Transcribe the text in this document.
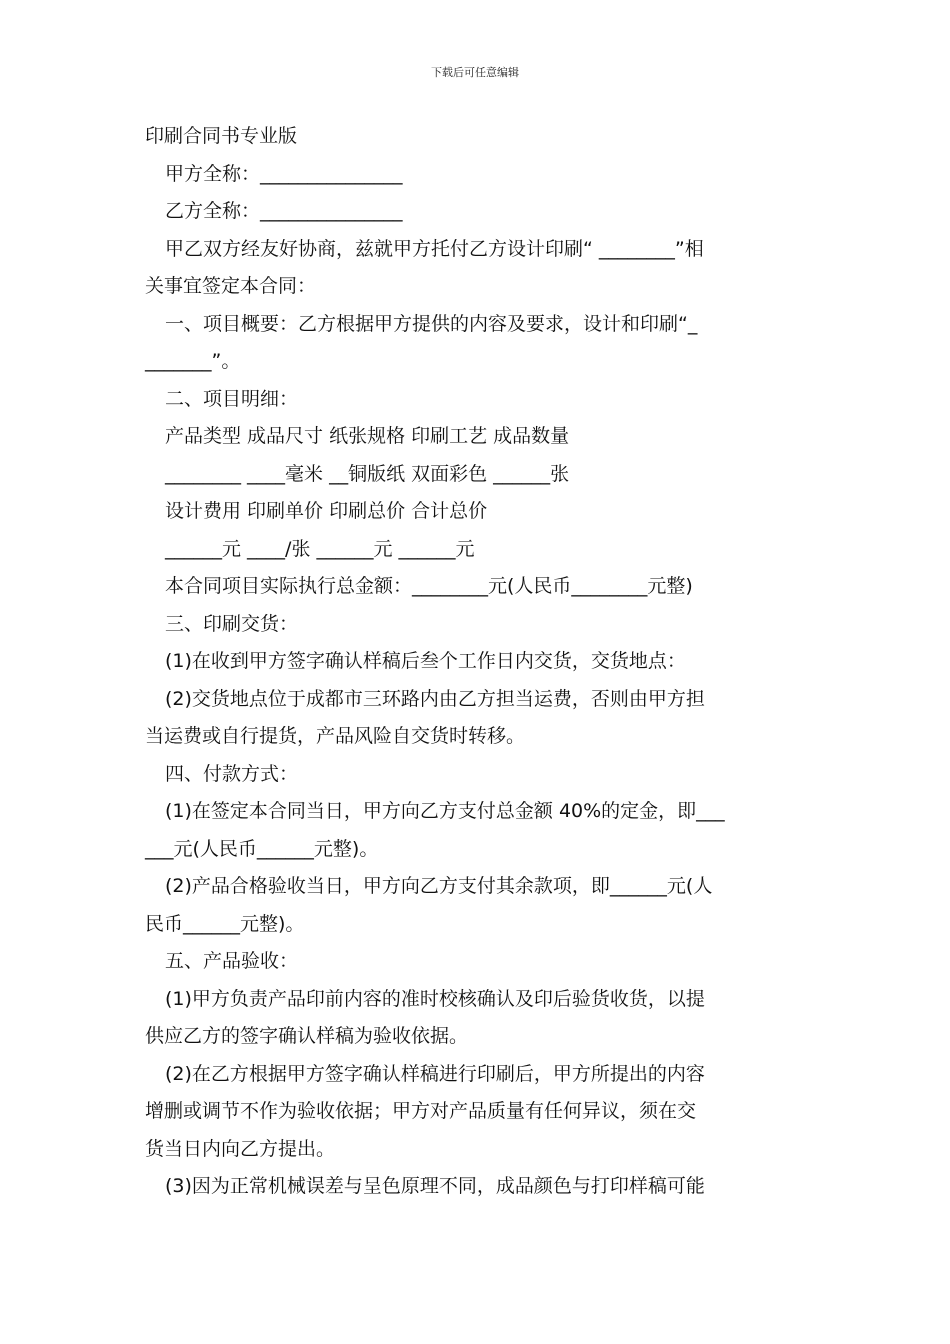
下载后可任意编辑

印刷合同书专业版

甲方全称：_______________

乙方全称：_______________

甲乙双方经友好协商，兹就甲方托付乙方设计印刷“ ________”相

关事宜签定本合同：

一、项目概要：乙方根据甲方提供的内容及要求，设计和印刷“_

_______”。

二、项目明细：

产品类型 成品尺寸 纸张规格 印刷工艺 成品数量

________ ____毫米 __铜版纸 双面彩色 ______张

设计费用 印刷单价 印刷总价 合计总价

______元 ____/张 ______元 ______元

本合同项目实际执行总金额：________元(人民币________元整)

三、印刷交货：

(1)在收到甲方签字确认样稿后叁个工作日内交货，交货地点：

(2)交货地点位于成都市三环路内由乙方担当运费，否则由甲方担

当运费或自行提货，产品风险自交货时转移。

四、付款方式：

(1)在签定本合同当日，甲方向乙方支付总金额 40%的定金，即___

___元(人民币______元整)。

(2)产品合格验收当日，甲方向乙方支付其余款项，即______元(人

民币______元整)。

五、产品验收：

(1)甲方负责产品印前内容的准时校核确认及印后验货收货，以提

供应乙方的签字确认样稿为验收依据。

(2)在乙方根据甲方签字确认样稿进行印刷后，甲方所提出的内容

增删或调节不作为验收依据；甲方对产品质量有任何异议，须在交

货当日内向乙方提出。

(3)因为正常机械误差与呈色原理不同，成品颜色与打印样稿可能
